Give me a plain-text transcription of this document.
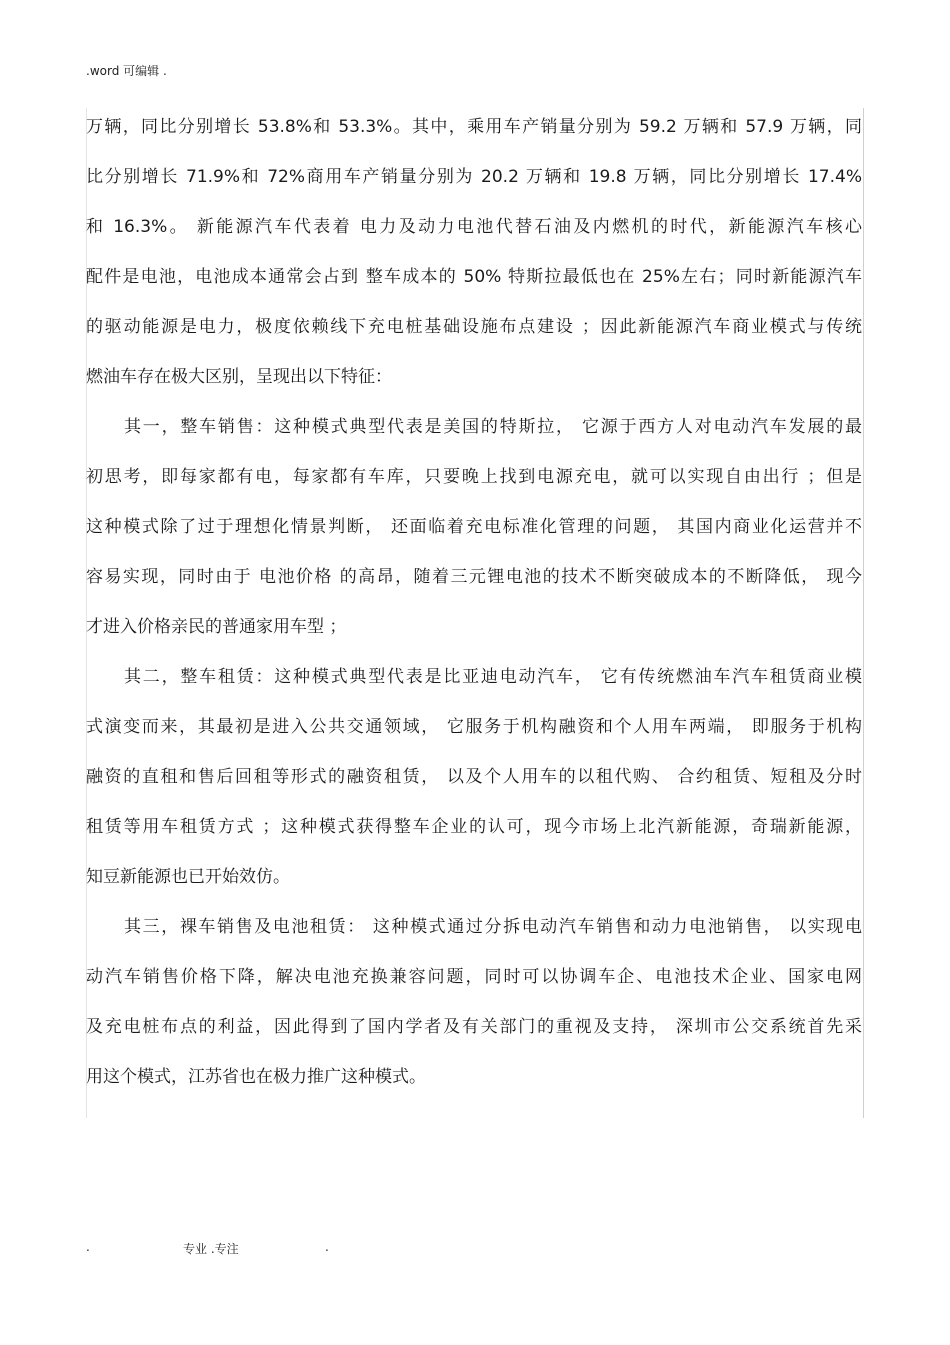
.word 可编辑 .
万辆，同比分别增长 53.8%和 53.3%。其中，乘用车产销量分别为 59.2 万辆和 57.9 万辆，同
比分别增长 71.9%和 72%商用车产销量分别为 20.2 万辆和 19.8 万辆，同比分别增长 17.4%
和 16.3%。 新能源汽车代表着 电力及动力电池代替石油及内燃机的时代，新能源汽车核心
配件是电池，电池成本通常会占到 整车成本的 50% 特斯拉最低也在 25%左右；同时新能源汽车
的驱动能源是电力，极度依赖线下充电桩基础设施布点建设 ；因此新能源汽车商业模式与传统
燃油车存在极大区别，呈现出以下特征：
其一，整车销售：这种模式典型代表是美国的特斯拉， 它源于西方人对电动汽车发展的最
初思考，即每家都有电，每家都有车库，只要晚上找到电源充电，就可以实现自由出行 ；但是
这种模式除了过于理想化情景判断， 还面临着充电标准化管理的问题， 其国内商业化运营并不
容易实现，同时由于 电池价格 的高昂，随着三元锂电池的技术不断突破成本的不断降低， 现今
才进入价格亲民的普通家用车型 ；
其二，整车租赁：这种模式典型代表是比亚迪电动汽车， 它有传统燃油车汽车租赁商业模
式演变而来，其最初是进入公共交通领域， 它服务于机构融资和个人用车两端， 即服务于机构
融资的直租和售后回租等形式的融资租赁， 以及个人用车的以租代购、 合约租赁、短租及分时
租赁等用车租赁方式 ；这种模式获得整车企业的认可，现今市场上北汽新能源，奇瑞新能源，
知豆新能源也已开始效仿。
其三，裸车销售及电池租赁： 这种模式通过分拆电动汽车销售和动力电池销售， 以实现电
动汽车销售价格下降，解决电池充换兼容问题，同时可以协调车企、电池技术企业、国家电网
及充电桩布点的利益，因此得到了国内学者及有关部门的重视及支持， 深圳市公交系统首先采
用这个模式，江苏省也在极力推广这种模式。
.	专业 .专注	.
